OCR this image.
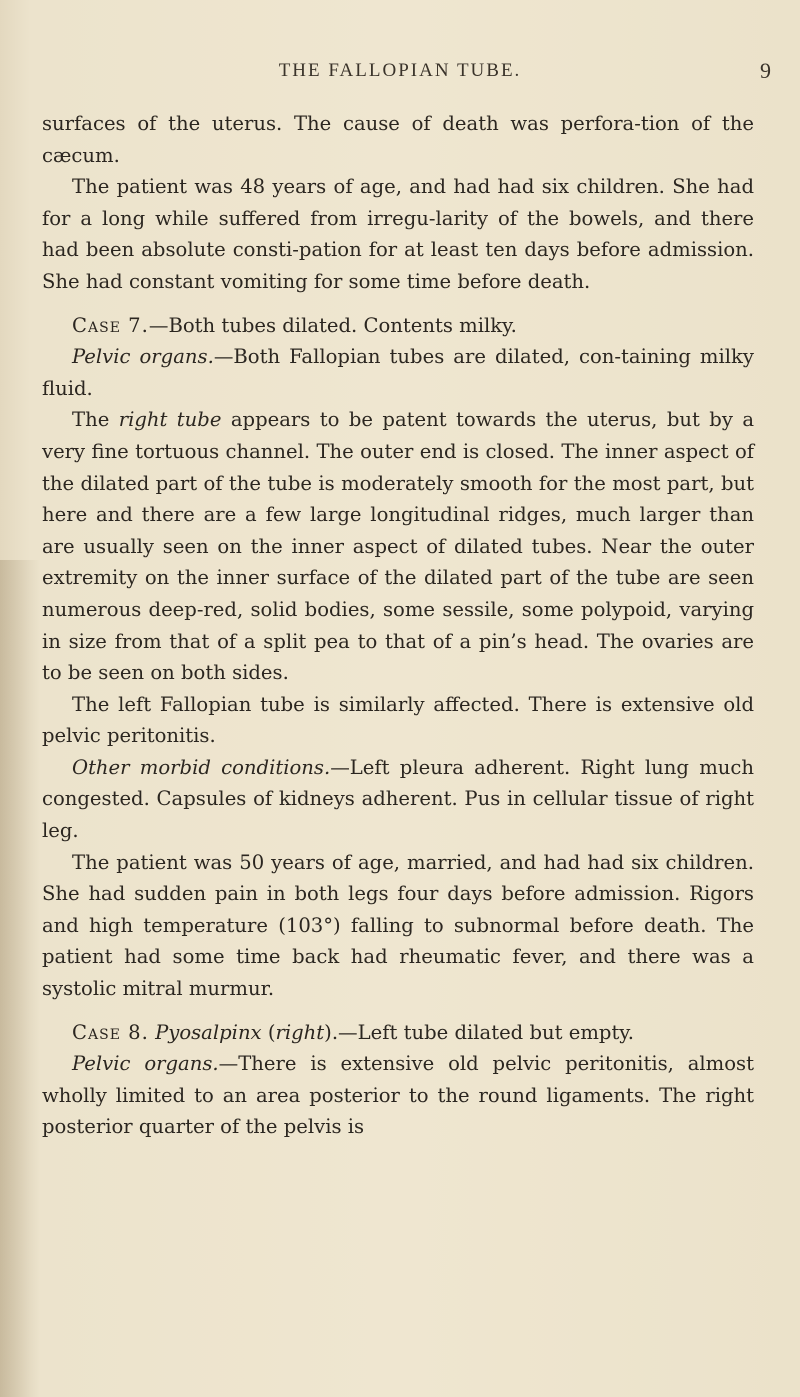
THE FALLOPIAN TUBE.	9

surfaces of the uterus. The cause of death was perfora-tion of the cæcum.

The patient was 48 years of age, and had had six children. She had for a long while suffered from irregu-larity of the bowels, and there had been absolute consti-pation for at least ten days before admission. She had constant vomiting for some time before death.

Case 7.—Both tubes dilated. Contents milky.

Pelvic organs.—Both Fallopian tubes are dilated, con-taining milky fluid.

The right tube appears to be patent towards the uterus, but by a very fine tortuous channel. The outer end is closed. The inner aspect of the dilated part of the tube is moderately smooth for the most part, but here and there are a few large longitudinal ridges, much larger than are usually seen on the inner aspect of dilated tubes. Near the outer extremity on the inner surface of the dilated part of the tube are seen numerous deep-red, solid bodies, some sessile, some polypoid, varying in size from that of a split pea to that of a pin’s head. The ovaries are to be seen on both sides.

The left Fallopian tube is similarly affected. There is extensive old pelvic peritonitis.

Other morbid conditions.—Left pleura adherent. Right lung much congested. Capsules of kidneys adherent. Pus in cellular tissue of right leg.

The patient was 50 years of age, married, and had had six children. She had sudden pain in both legs four days before admission. Rigors and high temperature (103°) falling to subnormal before death. The patient had some time back had rheumatic fever, and there was a systolic mitral murmur.

Case 8. Pyosalpinx (right).—Left tube dilated but empty.

Pelvic organs.—There is extensive old pelvic peritonitis, almost wholly limited to an area posterior to the round ligaments. The right posterior quarter of the pelvis is
